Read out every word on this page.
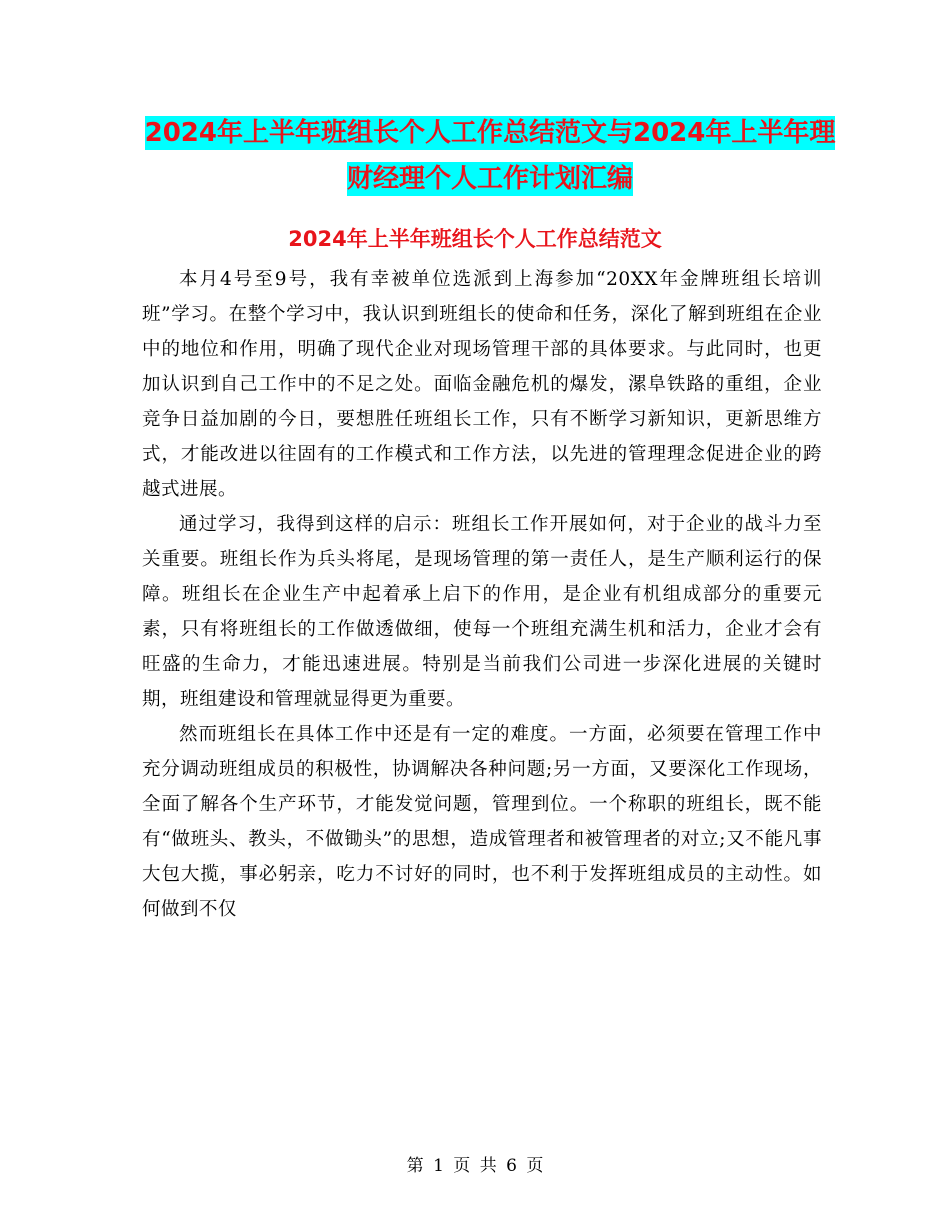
2024年上半年班组长个人工作总结范文与2024年上半年理财经理个人工作计划汇编
2024年上半年班组长个人工作总结范文

本月4号至9号，我有幸被单位选派到上海参加“20XX年金牌班组长培训班”学习。在整个学习中，我认识到班组长的使命和任务，深化了解到班组在企业中的地位和作用，明确了现代企业对现场管理干部的具体要求。与此同时，也更加认识到自己工作中的不足之处。面临金融危机的爆发，漯阜铁路的重组，企业竞争日益加剧的今日，要想胜任班组长工作，只有不断学习新知识，更新思维方式，才能改进以往固有的工作模式和工作方法，以先进的管理理念促进企业的跨越式进展。

通过学习，我得到这样的启示：班组长工作开展如何，对于企业的战斗力至关重要。班组长作为兵头将尾，是现场管理的第一责任人，是生产顺利运行的保障。班组长在企业生产中起着承上启下的作用，是企业有机组成部分的重要元素，只有将班组长的工作做透做细，使每一个班组充满生机和活力，企业才会有旺盛的生命力，才能迅速进展。特别是当前我们公司进一步深化进展的关键时期，班组建设和管理就显得更为重要。

然而班组长在具体工作中还是有一定的难度。一方面，必须要在管理工作中充分调动班组成员的积极性，协调解决各种问题;另一方面，又要深化工作现场，全面了解各个生产环节，才能发觉问题，管理到位。一个称职的班组长，既不能有“做班头、教头，不做锄头”的思想，造成管理者和被管理者的对立;又不能凡事大包大揽，事必躬亲，吃力不讨好的同时，也不利于发挥班组成员的主动性。如何做到不仅

第 1 页 共 6 页
